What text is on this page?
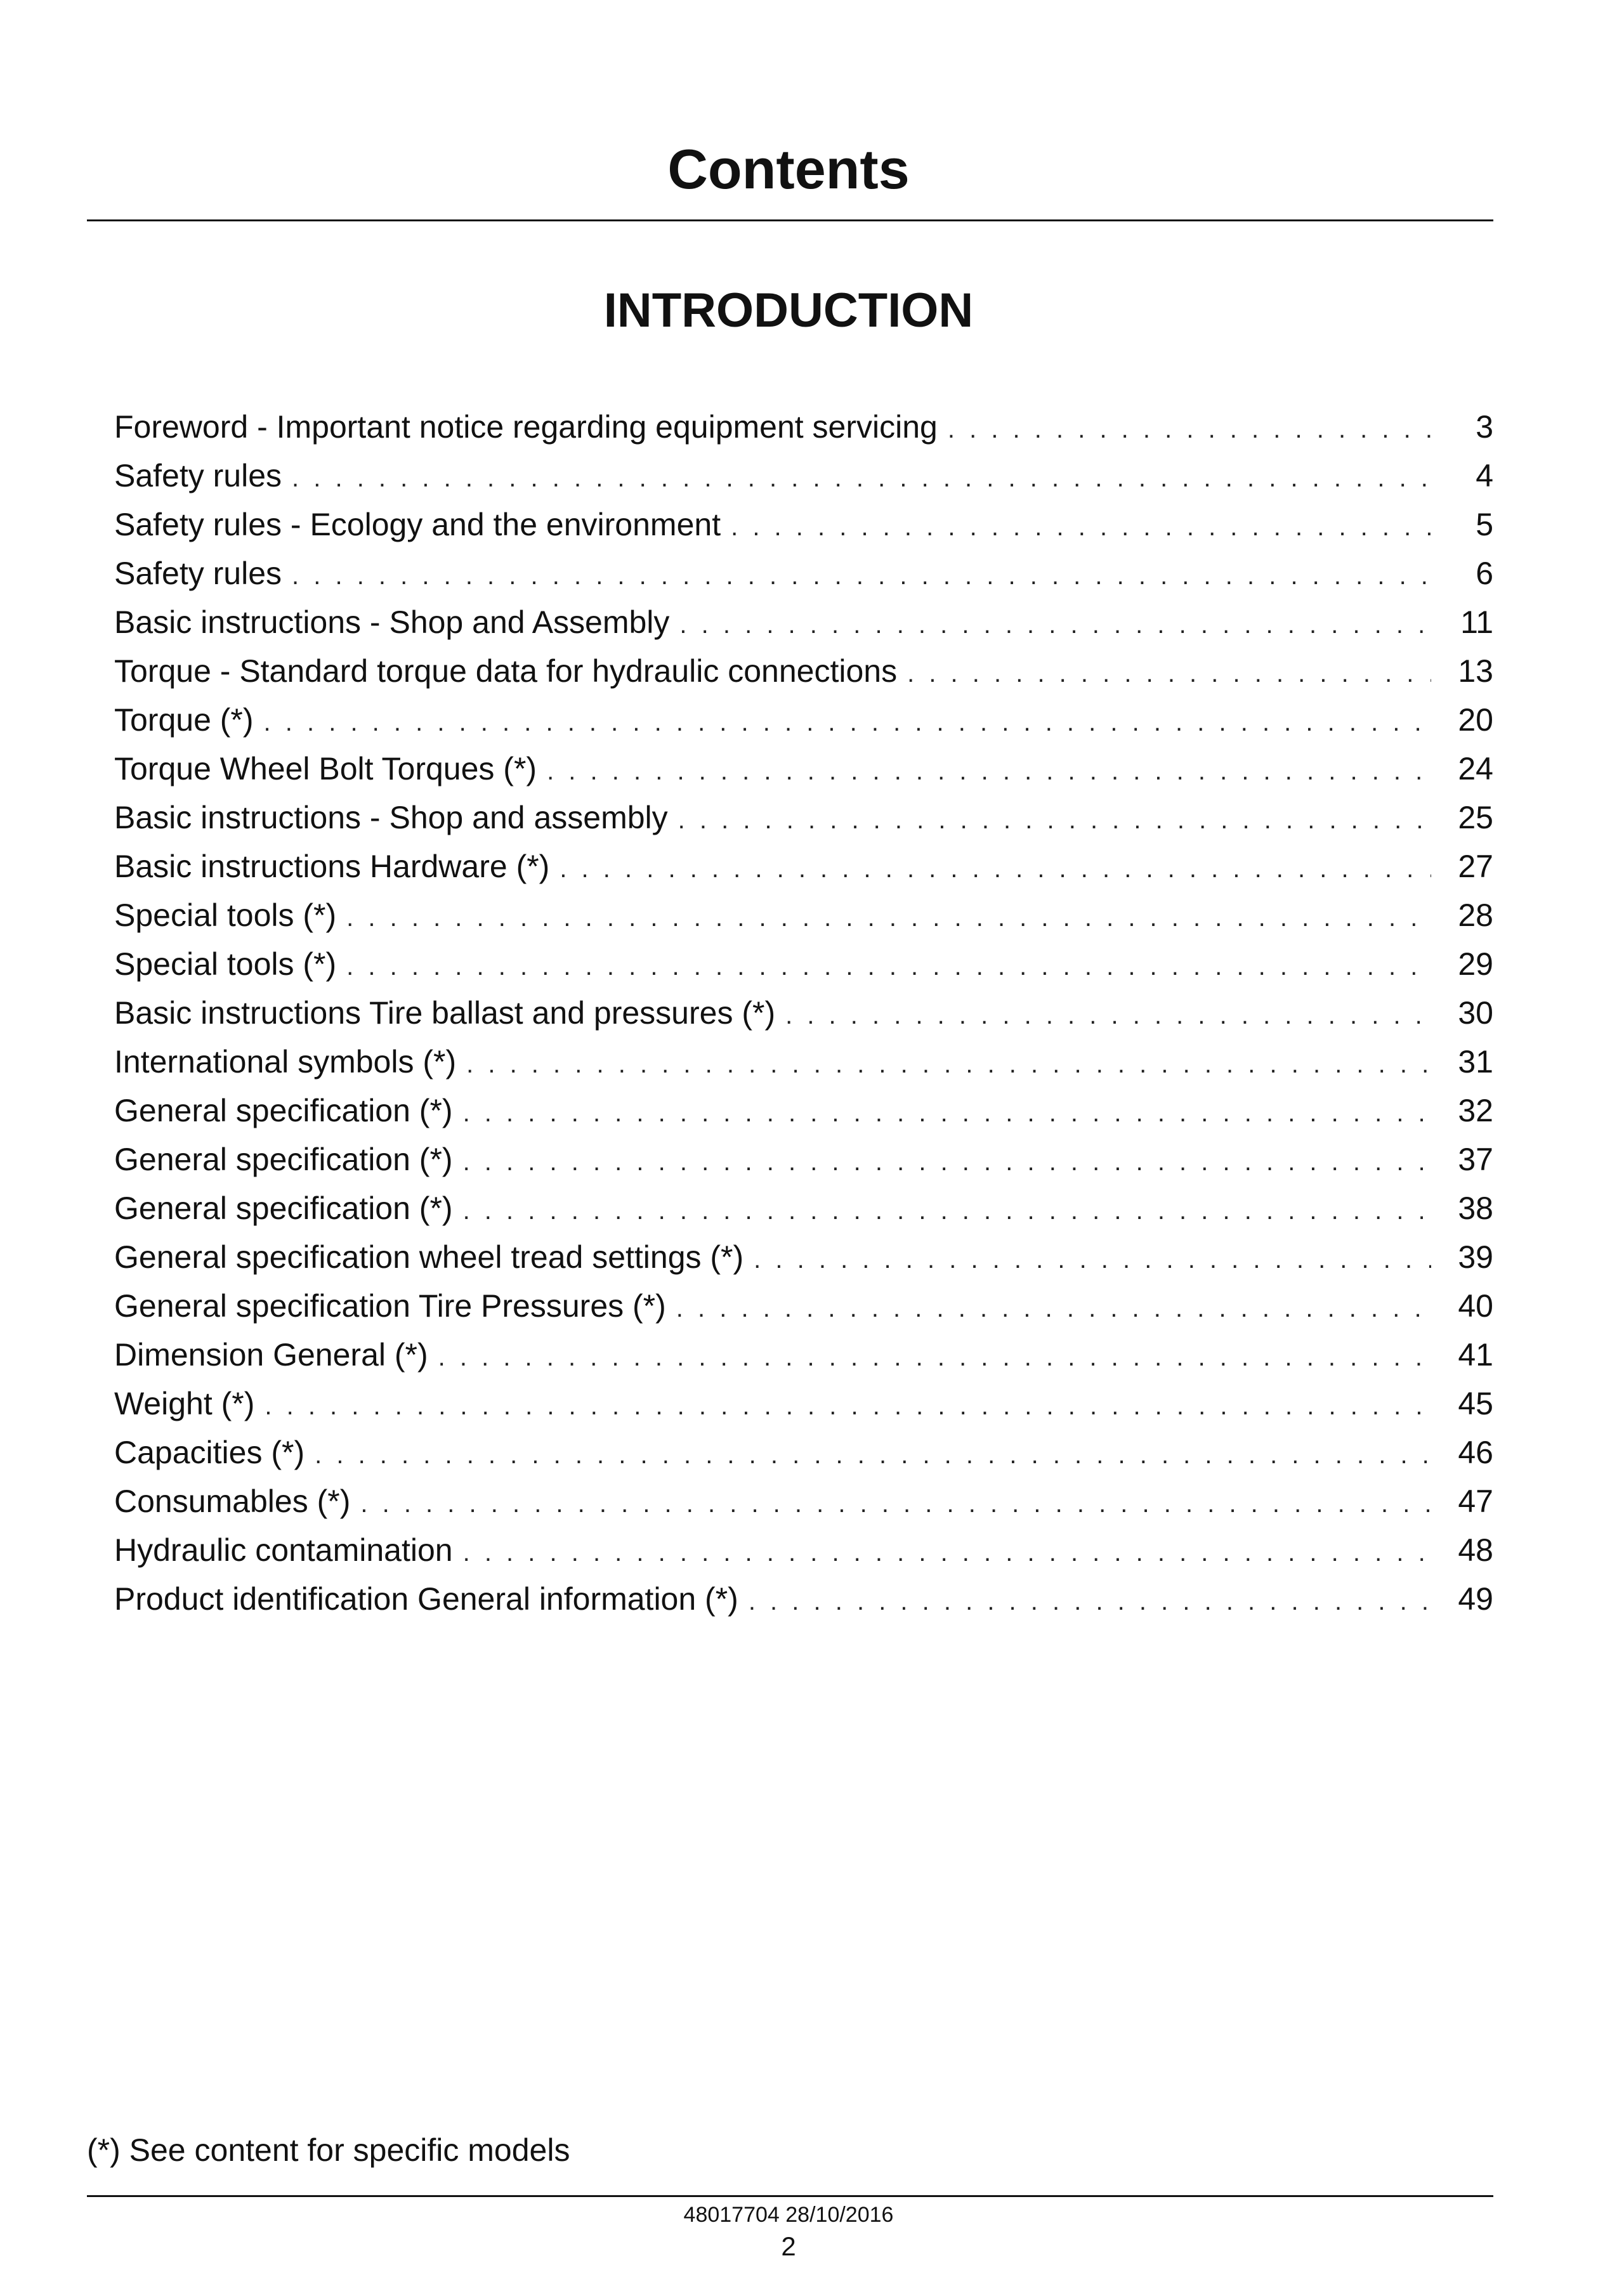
Contents
INTRODUCTION
Foreword - Important notice regarding equipment servicing . . .	3
Safety rules . . .	4
Safety rules - Ecology and the environment . . .	5
Safety rules . . .	6
Basic instructions - Shop and Assembly . . .	11
Torque - Standard torque data for hydraulic connections . . .	13
Torque (*) . . .	20
Torque Wheel Bolt Torques (*) . . .	24
Basic instructions - Shop and assembly . . .	25
Basic instructions Hardware (*) . . .	27
Special tools (*) . . .	28
Special tools (*) . . .	29
Basic instructions Tire ballast and pressures (*) . . .	30
International symbols (*) . . .	31
General specification (*) . . .	32
General specification (*) . . .	37
General specification (*) . . .	38
General specification wheel tread settings (*) . . .	39
General specification Tire Pressures (*) . . .	40
Dimension General (*) . . .	41
Weight (*) . . .	45
Capacities (*) . . .	46
Consumables (*) . . .	47
Hydraulic contamination . . .	48
Product identification General information (*) . . .	49
(*) See content for specific models
48017704 28/10/2016
2
